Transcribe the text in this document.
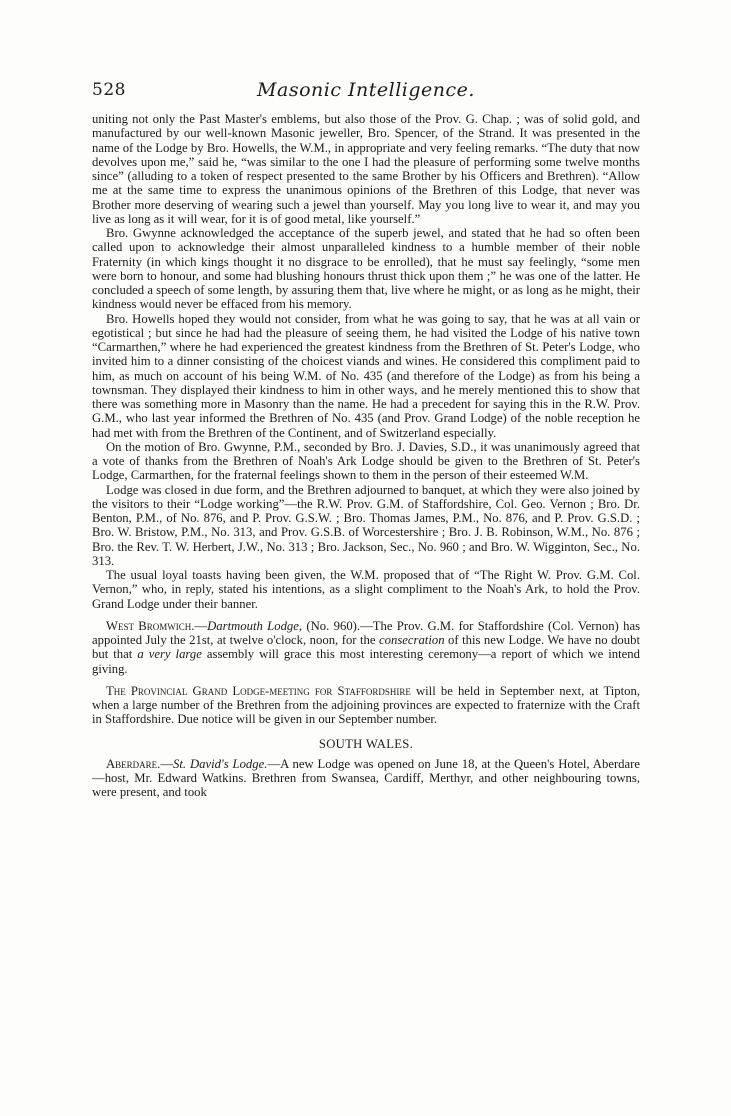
528	Masonic Intelligence.

uniting not only the Past Master's emblems, but also those of the Prov. G. Chap. ; was of solid gold, and manufactured by our well-known Masonic jeweller, Bro. Spencer, of the Strand. It was presented in the name of the Lodge by Bro. Howells, the W.M., in appropriate and very feeling remarks. “The duty that now devolves upon me,” said he, “was similar to the one I had the pleasure of performing some twelve months since” (alluding to a token of respect presented to the same Brother by his Officers and Brethren). “Allow me at the same time to express the unanimous opinions of the Brethren of this Lodge, that never was Brother more deserving of wearing such a jewel than yourself. May you long live to wear it, and may you live as long as it will wear, for it is of good metal, like yourself.”

Bro. Gwynne acknowledged the acceptance of the superb jewel, and stated that he had so often been called upon to acknowledge their almost unparalleled kindness to a humble member of their noble Fraternity (in which kings thought it no disgrace to be enrolled), that he must say feelingly, “some men were born to honour, and some had blushing honours thrust thick upon them ;” he was one of the latter. He concluded a speech of some length, by assuring them that, live where he might, or as long as he might, their kindness would never be effaced from his memory.

Bro. Howells hoped they would not consider, from what he was going to say, that he was at all vain or egotistical ; but since he had had the pleasure of seeing them, he had visited the Lodge of his native town “Carmarthen,” where he had experienced the greatest kindness from the Brethren of St. Peter's Lodge, who invited him to a dinner consisting of the choicest viands and wines. He considered this compliment paid to him, as much on account of his being W.M. of No. 435 (and therefore of the Lodge) as from his being a townsman. They displayed their kindness to him in other ways, and he merely mentioned this to show that there was something more in Masonry than the name. He had a precedent for saying this in the R.W. Prov. G.M., who last year informed the Brethren of No. 435 (and Prov. Grand Lodge) of the noble reception he had met with from the Brethren of the Continent, and of Switzerland especially.

On the motion of Bro. Gwynne, P.M., seconded by Bro. J. Davies, S.D., it was unanimously agreed that a vote of thanks from the Brethren of Noah's Ark Lodge should be given to the Brethren of St. Peter's Lodge, Carmarthen, for the fraternal feelings shown to them in the person of their esteemed W.M.

Lodge was closed in due form, and the Brethren adjourned to banquet, at which they were also joined by the visitors to their “Lodge working”—the R.W. Prov. G.M. of Staffordshire, Col. Geo. Vernon ; Bro. Dr. Benton, P.M., of No. 876, and P. Prov. G.S.W. ; Bro. Thomas James, P.M., No. 876, and P. Prov. G.S.D. ; Bro. W. Bristow, P.M., No. 313, and Prov. G.S.B. of Worcestershire ; Bro. J. B. Robinson, W.M., No. 876 ; Bro. the Rev. T. W. Herbert, J.W., No. 313 ; Bro. Jackson, Sec., No. 960 ; and Bro. W. Wigginton, Sec., No. 313.

The usual loyal toasts having been given, the W.M. proposed that of “The Right W. Prov. G.M. Col. Vernon,” who, in reply, stated his intentions, as a slight compliment to the Noah's Ark, to hold the Prov. Grand Lodge under their banner.

West Bromwich.—Dartmouth Lodge, (No. 960).—The Prov. G.M. for Staffordshire (Col. Vernon) has appointed July the 21st, at twelve o'clock, noon, for the consecration of this new Lodge. We have no doubt but that a very large assembly will grace this most interesting ceremony—a report of which we intend giving.

The Provincial Grand Lodge-meeting for Staffordshire will be held in September next, at Tipton, when a large number of the Brethren from the adjoining provinces are expected to fraternize with the Craft in Staffordshire. Due notice will be given in our September number.

SOUTH WALES.

Aberdare.—St. David's Lodge.—A new Lodge was opened on June 18, at the Queen's Hotel, Aberdare—host, Mr. Edward Watkins. Brethren from Swansea, Cardiff, Merthyr, and other neighbouring towns, were present, and took
